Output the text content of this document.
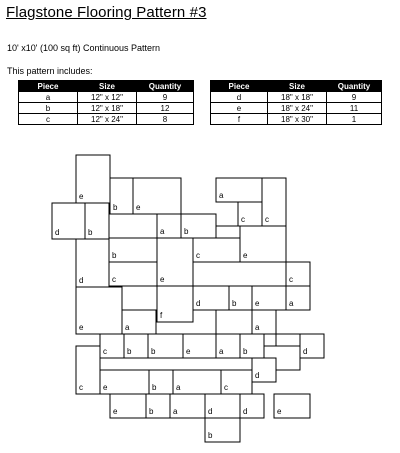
Flagstone Flooring Pattern #3
10' x10' (100 sq ft) Continuous Pattern
This pattern includes:
Piece	Size	Quantity
a	12" x 12"	9
b	12" x 18"	12
c	12" x 24"	8
Piece	Size	Quantity
d	18" x 18"	9
e	18" x 24"	11
f	18" x 30"	1
e
b e
a
c
c
b
d	b
a
b	e
c
e
d	c	c
f
d	b e	a
e	a	a
d
c	b b	e	a b
c	e	b a	c
e	b a	d	d	e
b
d
